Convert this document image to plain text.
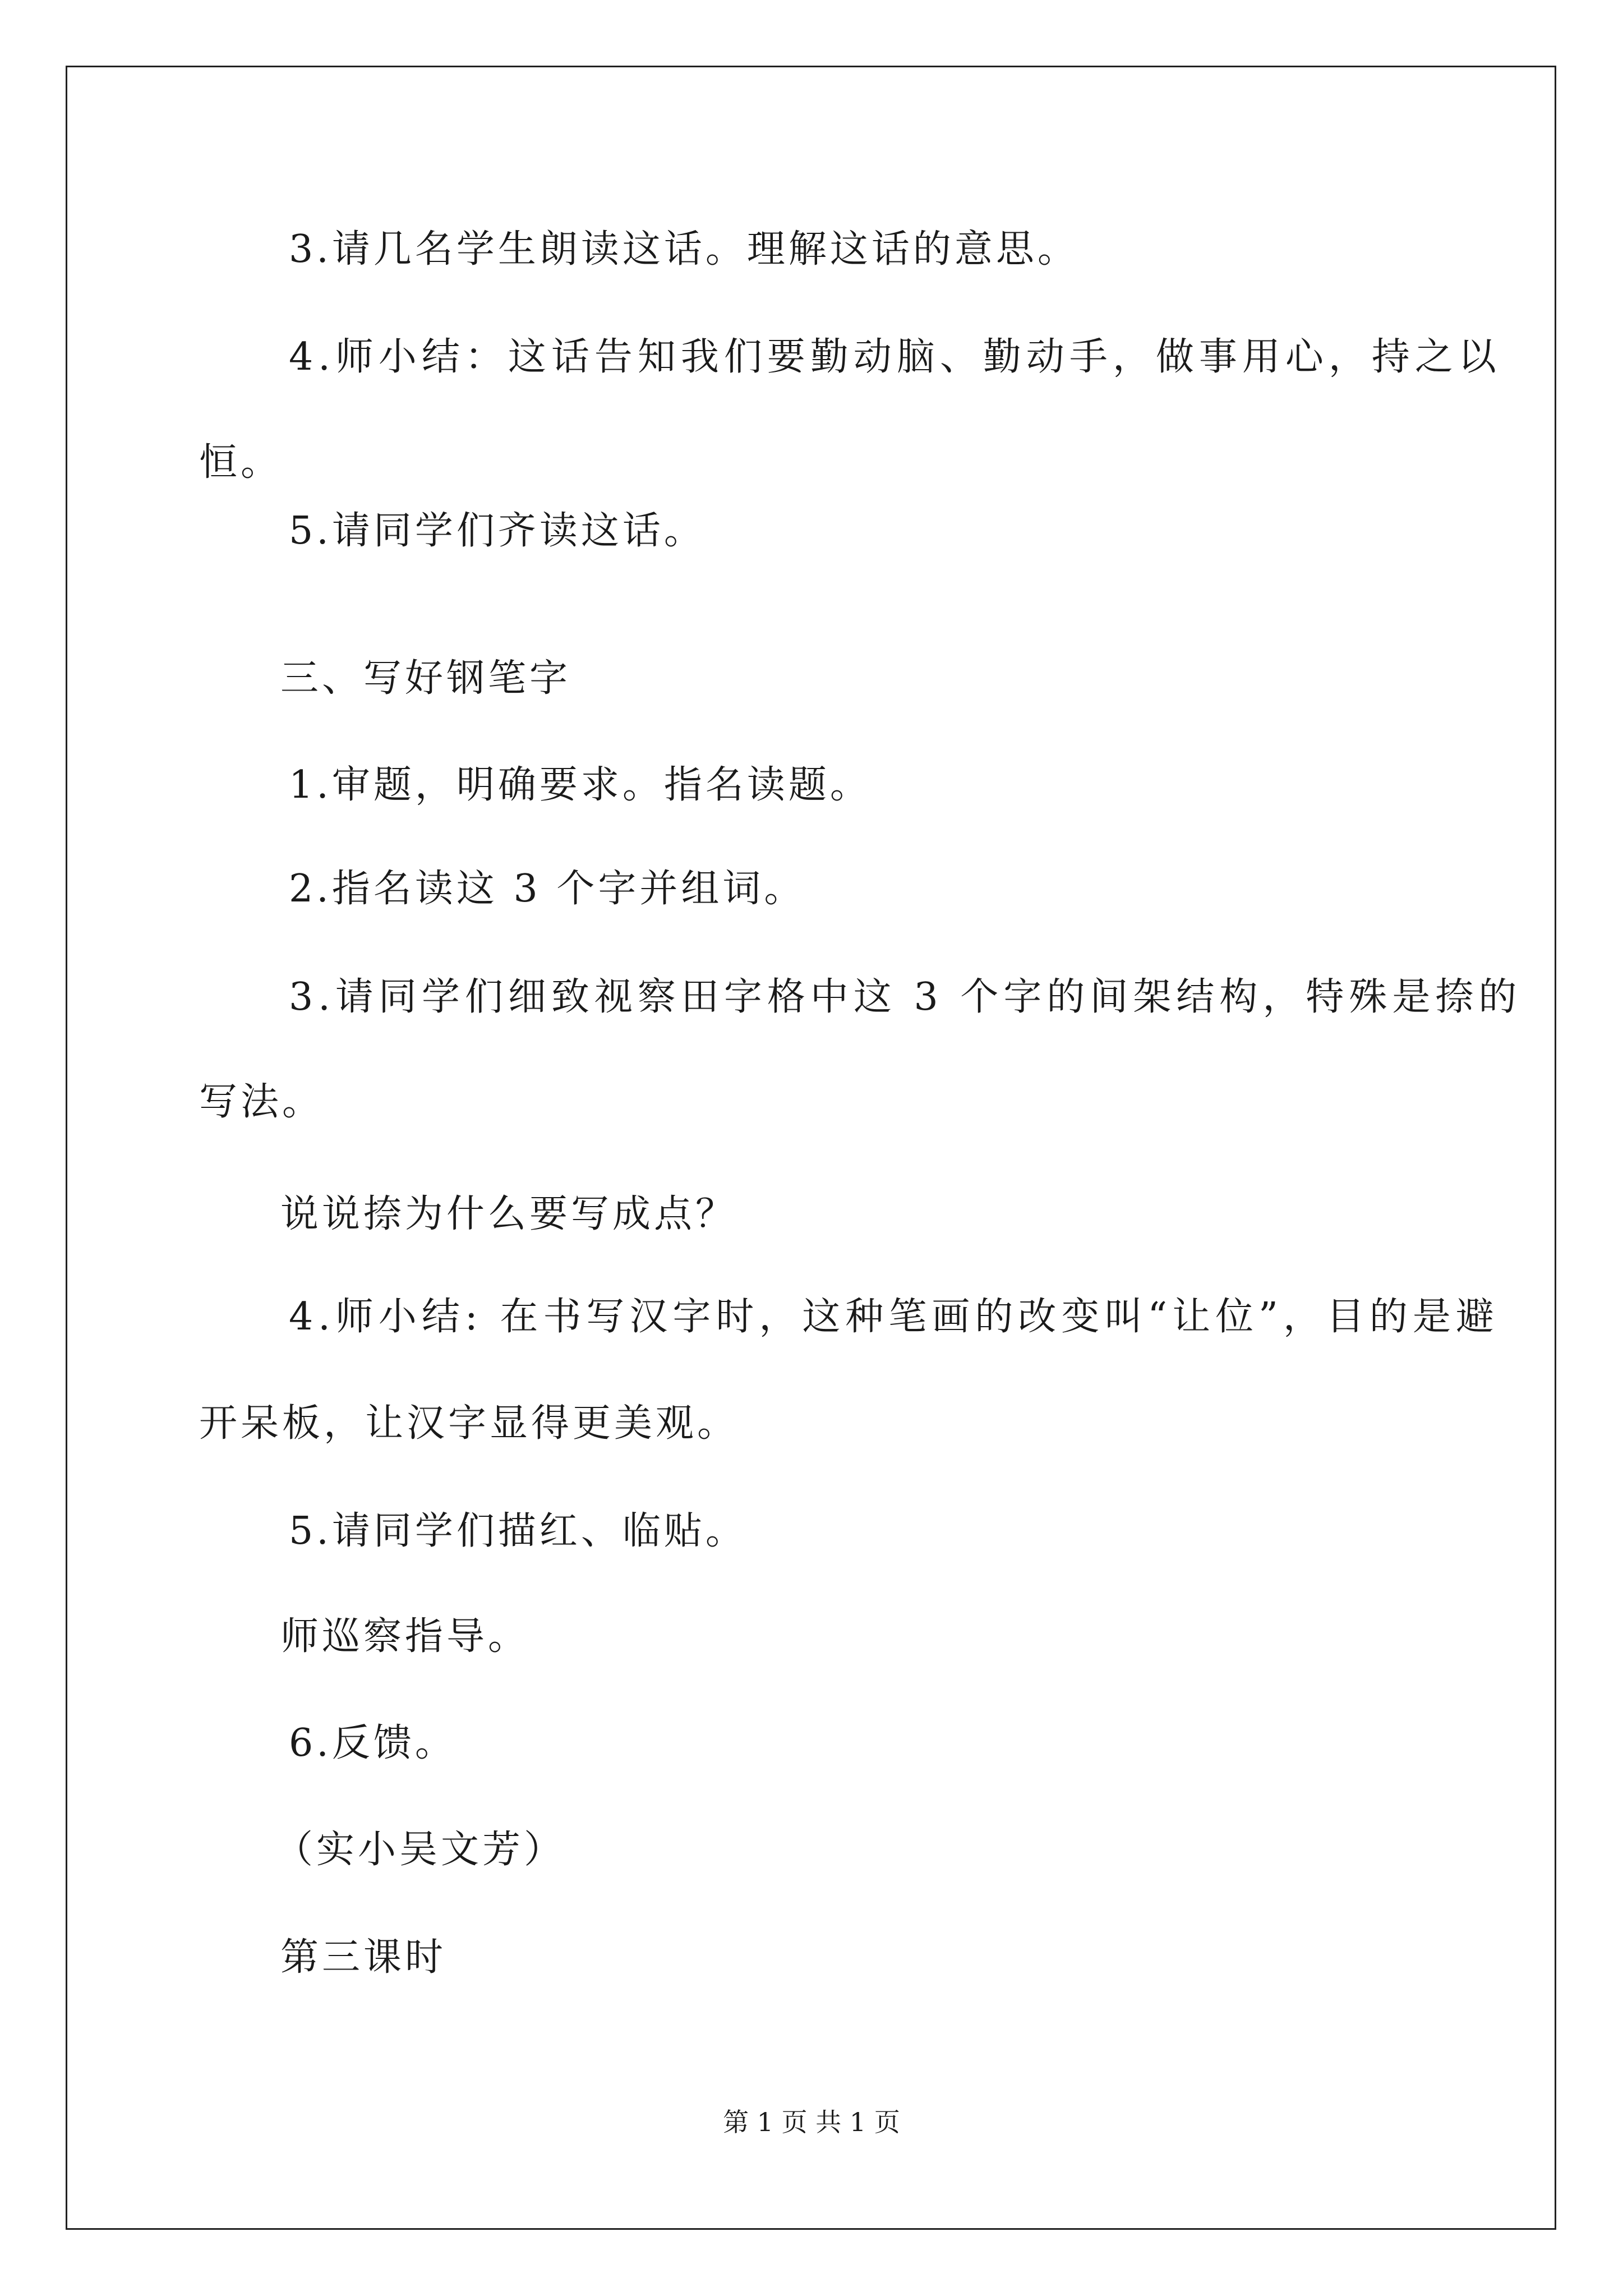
3.请几名学生朗读这话。理解这话的意思。
4.师小结：这话告知我们要勤动脑、勤动手，做事用心，持之以
恒。
5.请同学们齐读这话。
三、写好钢笔字
1.审题，明确要求。指名读题。
2.指名读这 3 个字并组词。
3.请同学们细致视察田字格中这 3 个字的间架结构，特殊是捺的
写法。
说说捺为什么要写成点？
4.师小结: 在书写汉字时，这种笔画的改变叫“让位”，目的是避
开呆板，让汉字显得更美观。
5.请同学们描红、临贴。
师巡察指导。
6.反馈。
（实小吴文芳）
第三课时
第 1 页 共 1 页
